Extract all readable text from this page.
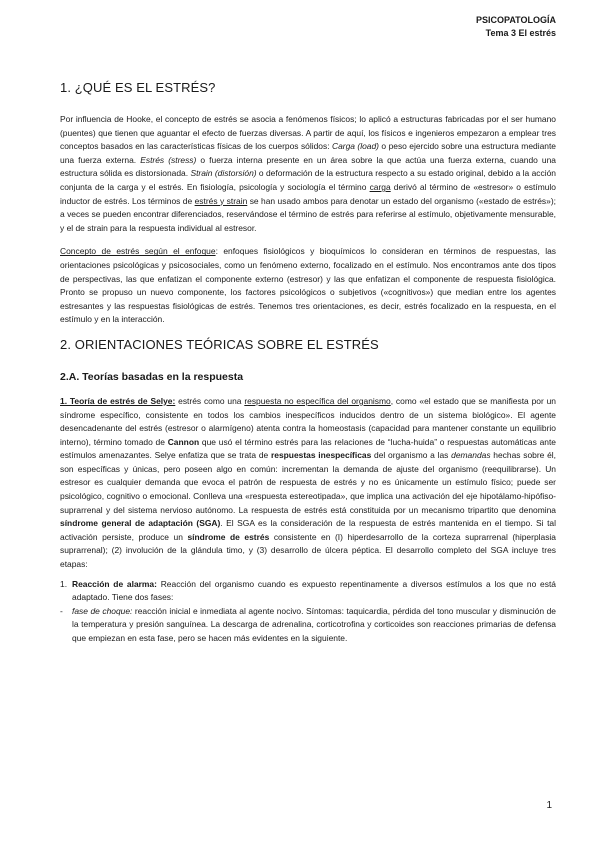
PSICOPATOLOGÍA
Tema 3 El estrés
1. ¿QUÉ ES EL ESTRÉS?

Por influencia de Hooke, el concepto de estrés se asocia a fenómenos físicos; lo aplicó a estructuras fabricadas por el ser humano (puentes) que tienen que aguantar el efecto de fuerzas diversas. A partir de aquí, los físicos e ingenieros empezaron a emplear tres conceptos basados en las características físicas de los cuerpos sólidos: Carga (load) o peso ejercido sobre una estructura mediante una fuerza externa. Estrés (stress) o fuerza interna presente en un área sobre la que actúa una fuerza externa, cuando una estructura sólida es distorsionada. Strain (distorsión) o deformación de la estructura respecto a su estado original, debido a la acción conjunta de la carga y el estrés. En fisiología, psicología y sociología el término carga derivó al término de «estresor» o estímulo inductor de estrés. Los términos de estrés y strain se han usado ambos para denotar un estado del organismo («estado de estrés»); a veces se pueden encontrar diferenciados, reservándose el término de estrés para referirse al estímulo, objetivamente mensurable, y el de strain para la respuesta individual al estresor.

Concepto de estrés según el enfoque: enfoques fisiológicos y bioquímicos lo consideran en términos de respuestas, las orientaciones psicológicas y psicosociales, como un fenómeno externo, focalizado en el estímulo. Nos encontramos ante dos tipos de perspectivas, las que enfatizan el componente externo (estresor) y las que enfatizan el componente de respuesta fisiológica. Pronto se propuso un nuevo componente, los factores psicológicos o subjetivos («cognitivos») que median entre los agentes estresantes y las respuestas fisiológicas de estrés. Tenemos tres orientaciones, es decir, estrés focalizado en la respuesta, en el estímulo y en la interacción.

2. ORIENTACIONES TEÓRICAS SOBRE EL ESTRÉS
2.A. Teorías basadas en la respuesta

1. Teoría de estrés de Selye: estrés como una respuesta no específica del organismo, como «el estado que se manifiesta por un síndrome específico, consistente en todos los cambios inespecíficos inducidos dentro de un sistema biológico». El agente desencadenante del estrés (estresor o alarmígeno) atenta contra la homeostasis (capacidad para mantener constante un equilibrio interno), término tomado de Cannon que usó el término estrés para las relaciones de “lucha-huida” o respuestas automáticas ante estímulos amenazantes. Selye enfatiza que se trata de respuestas inespecíficas del organismo a las demandas hechas sobre él, son específicas y únicas, pero poseen algo en común: incrementan la demanda de ajuste del organismo (reequilibrarse). Un estresor es cualquier demanda que evoca el patrón de respuesta de estrés y no es únicamente un estímulo físico; puede ser psicológico, cognitivo o emocional. Conlleva una «respuesta estereotipada», que implica una activación del eje hipotálamo-hipófiso-suprarrenal y del sistema nervioso autónomo. La respuesta de estrés está constituida por un mecanismo tripartito que denomina síndrome general de adaptación (SGA). El SGA es la consideración de la respuesta de estrés mantenida en el tiempo. Si tal activación persiste, produce un síndrome de estrés consistente en (I) hiperdesarrollo de la corteza suprarrenal (hiperplasia suprarrenal); (2) involución de la glándula timo, y (3) desarrollo de úlcera péptica. El desarrollo completo del SGA incluye tres etapas:

1. Reacción de alarma: Reacción del organismo cuando es expuesto repentinamente a diversos estímulos a los que no está adaptado. Tiene dos fases:
- fase de choque: reacción inicial e inmediata al agente nocivo. Síntomas: taquicardia, pérdida del tono muscular y disminución de la temperatura y presión sanguínea. La descarga de adrenalina, corticotrofina y corticoides son reacciones primarias de defensa que empiezan en esta fase, pero se hacen más evidentes en la siguiente.
1
